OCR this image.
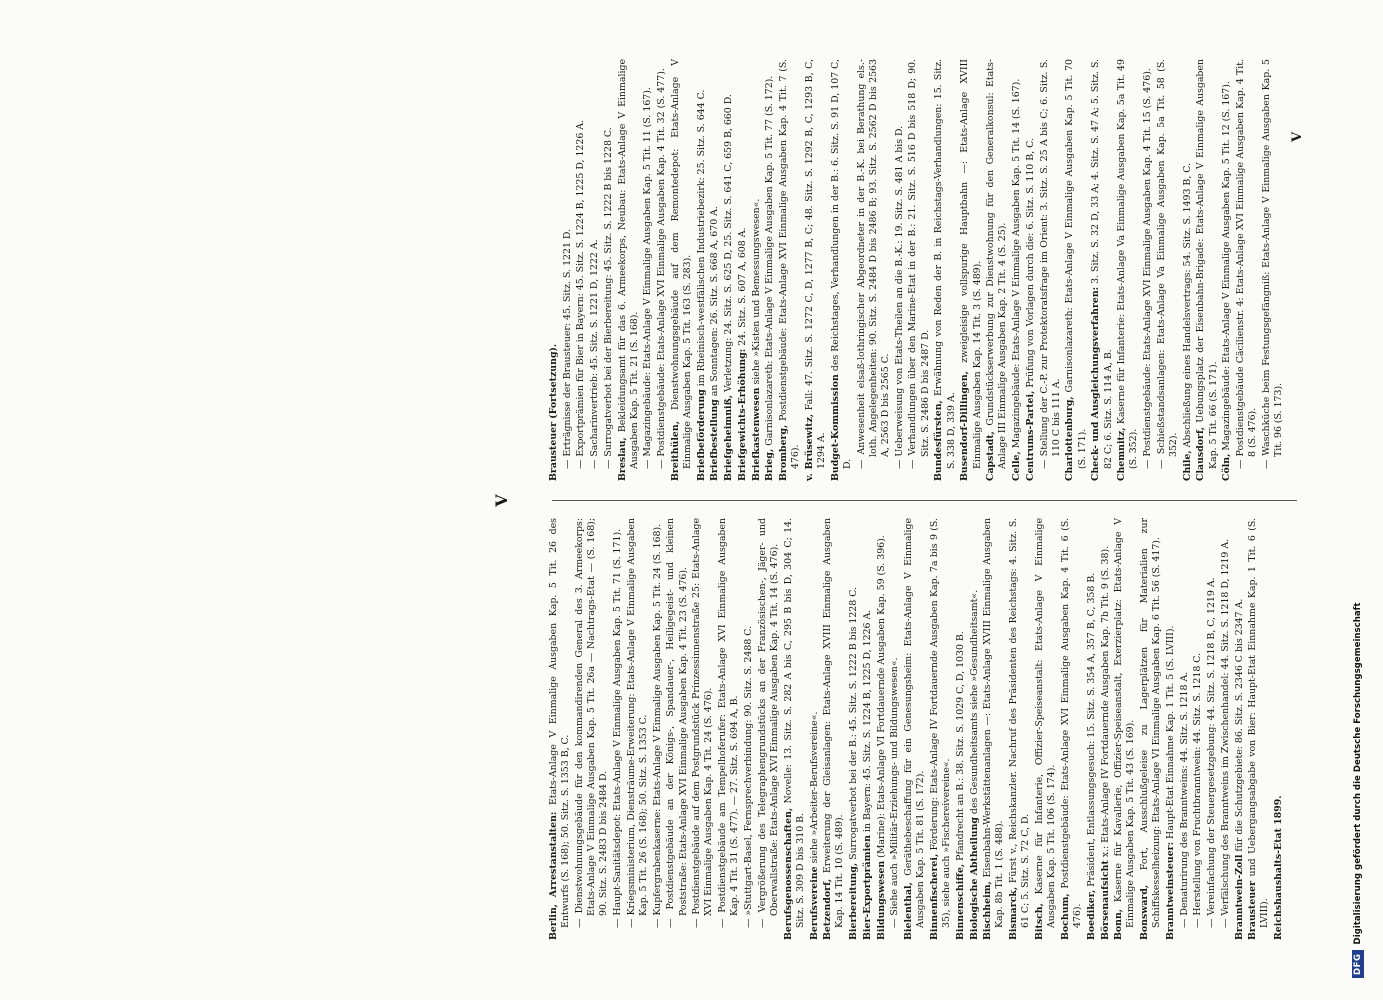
V
Berlin, Arrestanstalten: Etats-Anlage V Einmalige Ausgaben Kap. 5 Tit. 26 des Entwurfs (S. 168); 50. Sitz. S. 1353 B, C. — Dienstwohnungsgebäude für den kommandirenden General des 3. Armeekorps: Etats-Anlage V Einmalige Ausgaben Kap. 5 Tit. 26a — Nachtrags-Etat — (S. 168); 90. Sitz. S. 2483 D bis 2484 D.
— Haupt-Sanitätsdepot: Etats-Anlage V Einmalige Ausgaben Kap. 5 Tit. 71 (S. 171).
— Kriegsministerium, Diensträume-Erweiterung: Etats-Anlage V Einmalige Ausgaben Kap. 5 Tit. 26 (S. 168); 50. Sitz. S. 1353 C.
— Kupfergrabenkaserne: Etats-Anlage V Einmalige Ausgaben Kap. 5 Tit. 24 (S. 168).
— Postdienstgebäude an der Königs-, Spandauer-, Heiligegeist- und kleinen Poststraße: Etats-Anlage XVI Einmalige Ausgaben Kap. 4 Tit. 23 (S. 476).
— Postdienstgebäude auf dem Postgrundstück Prinzessinnenstraße 25: Etats-Anlage XVI Einmalige Ausgaben Kap. 4 Tit. 24 (S. 476).
— Postdienstgebäude am Tempelhoferufer: Etats-Anlage XVI Einmalige Ausgaben Kap. 4 Tit. 31 (S. 477). — 27. Sitz. S. 694 A, B.
— »Stuttgart-Basel, Fernsprechverbindung: 90. Sitz. S. 2488 C.
— Vergrößerung des Telegraphengrundstücks an der Französischen-, Jäger- und Oberwallstraße: Etats-Anlage XVI Einmalige Ausgaben Kap. 4 Tit. 14 (S. 476). Berufsgenossenschaften, Novelle: 13. Sitz. S. 282 A bis C, 295 B bis D, 304 C; 14. Sitz. S. 309 D bis 310 B. Berufsvereine siehe »Arbeiter-Berufsvereine«.
Betzendorf, Erweiterung der Gleisanlagen: Etats-Anlage XVIII Einmalige Ausgaben Kap. 14 Tit. 10 (S. 489). Bierbereitung, Surrogatverbot bei der B.: 45. Sitz. S. 1222 B bis 1228 C.
Bier-Exportprämien in Bayern: 45. Sitz. S. 1224 B, 1225 D, 1226 A.
Bildungswesen (Marine): Etats-Anlage VI Fortdauernde Ausgaben Kap. 59 (S. 396).
— Siehe auch »Militär-Erziehungs- und Bildungswesen«. Bielenthal, Geräthebeschaffung für ein Genesungsheim: Etats-Anlage V Einmalige Ausgaben Kap. 5 Tit. 81 (S. 172). Binnenfischerei, Förderung: Etats-Anlage IV Fortdauernde Ausgaben Kap. 7a bis 9 (S. 35), siehe auch »Fischereivereine«. Binnenschiffe, Pfandrecht an B.: 38. Sitz. S. 1029 C, D, 1030 B.
Biologische Abtheilung des Gesundheitsamts siehe »Gesundheitsamt«.
Bischheim, Eisenbahn-Werkstättenanlagen —: Etats-Anlage XVIII Einmalige Ausgaben Kap. 8b Tit. 1 (S. 488). Bismarck, Fürst v., Reichskanzler. Nachruf des Präsidenten des Reichstags: 4. Sitz. S. 61 C; 5. Sitz. S. 72 C, D. Bitsch, Kaserne für Infanterie, Offizier-Speiseanstalt: Etats-Anlage V Einmalige Ausgaben Kap. 5 Tit. 106 (S. 174). Bochum, Postdienstgebäude: Etats-Anlage XVI Einmalige Ausgaben Kap. 4 Tit. 6 (S. 476). Boediker, Präsident, Entlassungsgesuch: 15. Sitz. S. 354 A, 357 B, C, 358 B.
Börsenaufsicht x.: Etats-Anlage IV Fortdauernde Ausgaben Kap. 7b Tit. 9 (S. 38).
Bonn, Kaserne für Kavallerie, Offizier-Speiseanstalt, Exerzierplatz: Etats-Anlage V Einmalige Ausgaben Kap. 5 Tit. 43 (S. 169). Bonsward, Fort, Ausschlußgeleise zu Lagerplätzen für Materialien zur Schiffskesselheizung: Etats-Anlage VI Einmalige Ausgaben Kap. 6 Tit. 56 (S. 417). Branntweinsteuer: Haupt-Etat Einnahme Kap. 1 Tit. 5 (S. LVIII).
— Denaturirung des Branntweins: 44. Sitz. S. 1218 A.
— Herstellung von Fruchtbranntwein: 44. Sitz. S. 1218 C.
— Vereinfachung der Steuergesetzgebung: 44. Sitz. S. 1218 B, C, 1219 A.
— Verfälschung des Branntweins im Zwischenhandel: 44. Sitz. S. 1218 D, 1219 A. Branntwein-Zoll für die Schutzgebiete: 86. Sitz. S. 2346 C bis 2347 A.
Brausteuer und Uebergangsabgabe von Bier: Haupt-Etat Einnahme Kap. 1 Tit. 6 (S. LVIII). Reichshaushalts-Etat 1899.
Brausteuer (Fortsetzung). — Erträgnisse der Brausteuer: 45. Sitz. S. 1221 D.
— Exportprämien für Bier in Bayern: 45. Sitz. S. 1224 B, 1225 D, 1226 A.
— Sacharinvertrieb: 45. Sitz. S. 1221 D, 1222 A.
— Surrogatverbot bei der Bierbereitung: 45. Sitz. S. 1222 B bis 1228 C.
Breslau, Bekleidungsamt für das 6. Armeekorps, Neubau: Etats-Anlage V Einmalige Ausgaben Kap. 5 Tit. 21 (S. 168). — Magazingebäude: Etats-Anlage V Einmalige Ausgaben Kap. 5 Tit. 11 (S. 167).
— Postdienstgebäude: Etats-Anlage XVI Einmalige Ausgaben Kap. 4 Tit. 32 (S. 477). Breithülen, Dienstwohnungsgebäude auf dem Remontedepot: Etats-Anlage V Einmalige Ausgaben Kap. 5 Tit. 163 (S. 283). Briefbeförderung im Rheinisch-westfälischen Industriebezirk: 25. Sitz. S. 644 C.
Briefbestellung an Sonntagen: 26. Sitz. S. 668 A, 670 A.
Briefgeheimniß, Verletzung: 24. Sitz. S. 625 D, 25. Sitz. S. 641 C, 659 B, 660 D.
Briefgewichts-Erhöhung: 24. Sitz. S. 607 A, 608 A.
Briefkastenwesen siehe »Kisten und Bemessungswesen«.
Brieg, Garnisonlazareth: Etats-Anlage V Einmalige Ausgaben Kap. 5 Tit. 77 (S. 172).
Bromberg, Postdienstgebäude: Etats-Anlage XVI Einmalige Ausgaben Kap. 4 Tit. 7 (S. 476). v. Brüsewitz, Fall: 47. Sitz. S. 1272 C, D, 1277 B, C; 48. Sitz. S. 1292 B, C, 1293 B, C, 1294 A. Budget-Kommission des Reichstages, Verhandlungen in der B.: 6. Sitz. S. 91 D, 107 C, D. — Anwesenheit elsaß-lothringischer Abgeordneter in der B.-K. bei Berathung els.-loth. Angelegenheiten: 90. Sitz. S. 2484 D bis 2486 B; 93. Sitz. S. 2562 D bis 2563 A, 2563 D bis 2565 C.
— Ueberweisung von Etats-Theilen an die B.-K.: 19. Sitz. S. 481 A bis D.
— Verhandlungen über den Marine-Etat in der B.: 21. Sitz. S. 516 D bis 518 D; 90. Sitz. S. 2486 D bis 2487 D. Bundesfürsten, Erwähnung von Reden der B. in Reichstags-Verhandlungen: 15. Sitz. S. 338 D, 339 A. Busendorf-Dillingen, zweigleisige vollspurige Hauptbahn —: Etats-Anlage XVIII Einmalige Ausgaben Kap. 14 Tit. 3 (S. 489). Capstadt, Grundstückserwerbung zur Dienstwohnung für den Generalkonsul: Etats-Anlage III Einmalige Ausgaben Kap. 2 Tit. 4 (S. 25). Celle, Magazingebäude: Etats-Anlage V Einmalige Ausgaben Kap. 5 Tit. 14 (S. 167). Centrums-Partei, Prüfung von Vorlagen durch die: 6. Sitz. S. 110 B, C.
— Stellung der C.-P. zur Protektoratsfrage im Orient: 3. Sitz. S. 25 A bis C; 6. Sitz. S. 110 C bis 111 A. Charlottenburg, Garnisonlazareth: Etats-Anlage V Einmalige Ausgaben Kap. 5 Tit. 70 (S. 171). Check- und Ausgleichungsverfahren: 3. Sitz. S. 32 D, 33 A; 4. Sitz. S. 47 A; 5. Sitz. S. 82 C; 6. Sitz. S. 114 A, B. Chemnitz, Kaserne für Infanterie: Etats-Anlage Va Einmalige Ausgaben Kap. 5a Tit. 49 (S. 352). — Postdienstgebäude: Etats-Anlage XVI Einmalige Ausgaben Kap. 4 Tit. 15 (S. 476).
— Schießstandsanlagen: Etats-Anlage Va Einmalige Ausgaben Kap. 5a Tit. 58 (S. 352).
Chile, Abschließung eines Handelsvertrags: 54. Sitz. S. 1493 B, C.
Clausdorf, Uebungsplatz der Eisenbahn-Brigade: Etats-Anlage V Einmalige Ausgaben Kap. 5 Tit. 66 (S. 171). Cöln, Magazingebäude: Etats-Anlage V Einmalige Ausgaben Kap. 5 Tit. 12 (S. 167).
— Postdienstgebäude Cäcilienstr. 4: Etats-Anlage XVI Einmalige Ausgaben Kap. 4 Tit. 8 (S. 476).
— Waschküche beim Festungsgefängniß: Etats-Anlage V Einmalige Ausgaben Kap. 5 Tit. 96 (S. 173).
V
DFGDigitalisierung gefördert durch die Deutsche Forschungsgemeinschaft
